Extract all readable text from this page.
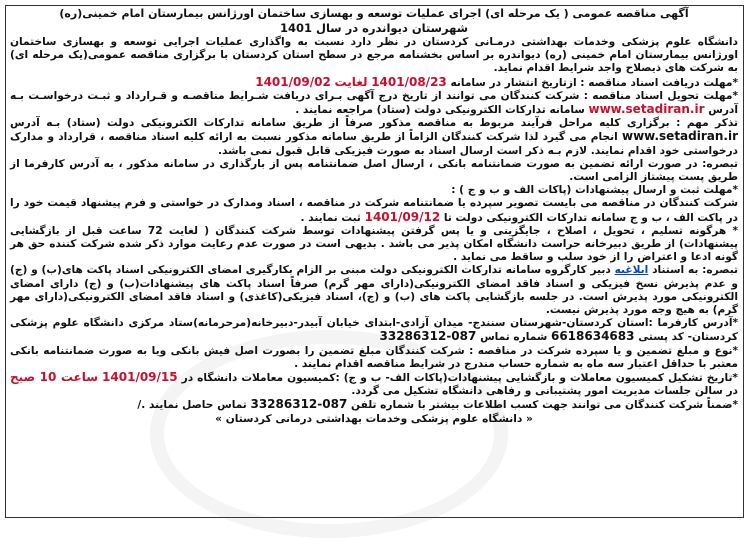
آگهی مناقصه عمومی ( یک مرحله ای) اجرای عملیات توسعه و بهسازی ساختمان اورژانس بیمارستان امام خمینی(ره)
شهرستان دیواندره در سال 1401

دانشگاه علوم پزشکی وخدمات بهداشتی درمـانی کردستان در نظر دارد نسبت به واگذاری عملیات اجرایی توسعه و بهسازی ساختمان اورژانس بیمارستان امام خمینی (ره) دیواندره بر اساس بخشنامه مرجع در سطح استان کردستان با برگزاری مناقصه عمومی(یک مرحله ای) به شرکت های ذیصلاح واجد شرایط اقدام نماید.

*مهلت دریافت اسناد مناقصه : ازتاریخ انتشار در سامانه 1401/08/23 لغایت 1401/09/02

*مهلت تحویل اسناد مناقصه : شرکت کنندگان می توانند از تاریخ درج آگهی بـرای دریافت شـرایط مناقصـه و قـرارداد و ثبـت درخواسـت بـه آدرس www.setadiran.ir سامانه تدارکات الکترونیکی دولت (ستاد) مراجعه نمایند .

تذکر مهم : برگزاری کلیه مراحل فرآیند مربوط به مناقصه مذکور صرفاً از طریق سامانه تدارکات الکترونیکی دولت (ستاد) بـه آدرس www.setadiran.ir انجام می گیرد لذا شرکت کنندگان الزاماً از طریق سامانه مذکور نسبت به ارائه کلیه اسناد مناقصه ، قرارداد و مدارک درخواستی خود اقدام نمایند. لازم بـه ذکر است ارسال اسناد به صورت فیزیکی قابل قبول نمی باشد.

تبصره: در صورت ارائه تضمین به صورت ضمانتنامه بانکی ، ارسال اصل ضمانتنامه پس از بارگذاری در سامانه مذکور ، به آدرس کارفرما از طریق پست پیشتاز الزامی است.

*مهلت ثبت و ارسال پیشنهادات (پاکات الف و ب و ج ) :

شرکت کنندگان در مناقصه می بایست تصویر سپرده یا ضمانتنامه شرکت در مناقصه ، اسناد ومدارک در خواستی و فرم پیشنهاد قیمت خود را در پاکت الف ، ب و ج سامانه تدارکات الکترونیکی دولت تا 1401/09/12 ثبت نمایند .

* هرگونه تسلیم ، تحویل ، اصلاح ، جایگزینی و یا پس گرفتن پیشنهادات توسط شرکت کنندگان ( لغایت 72 ساعت قبل از بازگشایی پیشنهادات) از طریق دبیرخانه حراست دانشگاه امکان پذیر می باشد . بدیهی است در صورت عدم رعایت موارد ذکر شده شرکت کننده حق هر گونه ادعا و اعتراض را از خود سلب و ساقط می نماید .

تبصره: به استناد ابلاغیه دبیر کارگروه سامانه تدارکات الکترونیکی دولت مبنی بر الزام بکارگیری امضای الکترونیکی اسناد پاکت های(ب) و (ج) و عدم پذیرش نسخ فیزیکی و اسناد فاقد امضای الکترونیکی(دارای مهر گرم) صرفاً اسناد پاکت های پیشنهادات(ب) و (ج) دارای امضای الکترونیکی مورد پذیرش است. در جلسه بازگشایی پاکت های (ب) و (ج)، اسناد فیزیکی(کاغذی) و اسناد فاقد امضای الکترونیکی(دارای مهر گرم) به هیچ وجه مورد پذیرش نیست.

*آدرس کارفرما :استان کردستان-شهرستان سنندج- میدان آزادی-ابتدای خیابان آبیدر-دبیرخانه(مرحرمانه)ستاد مرکزی دانشگاه علوم پزشکی کردستان- کد پستی 6618634683 شماره تماس 087-33286312

*نوع و مبلغ تضمین و یا سپرده شرکت در مناقصه : شرکت کنندگان مبلغ تضمین را بصورت اصل فیش بانکی ویا به صورت ضمانتنامه بانکی معتبر با حداقل اعتبار سه ماه به شماره حساب مندرج در شرایط مناقصه اقدام نمایند .

*تاریخ تشکیل کمیسیون معاملات و بازگشایی پیشنهادات(پاکات الف- ب و ج) :کمیسیون معاملات دانشگاه در 1401/09/15 ساعت 10 صبح در سالن جلسات مدیریت امور پشتیبانی و رفاهی دانشگاه تشکیل می گردد.

*ضمناً شرکت کنندگان می توانند جهت کسب اطلاعات بیشتر با شماره تلفن 087-33286312 تماس حاصل نمایند ./

« دانشگاه علوم پزشکی وخدمات بهداشتی درمانی کردستان »
